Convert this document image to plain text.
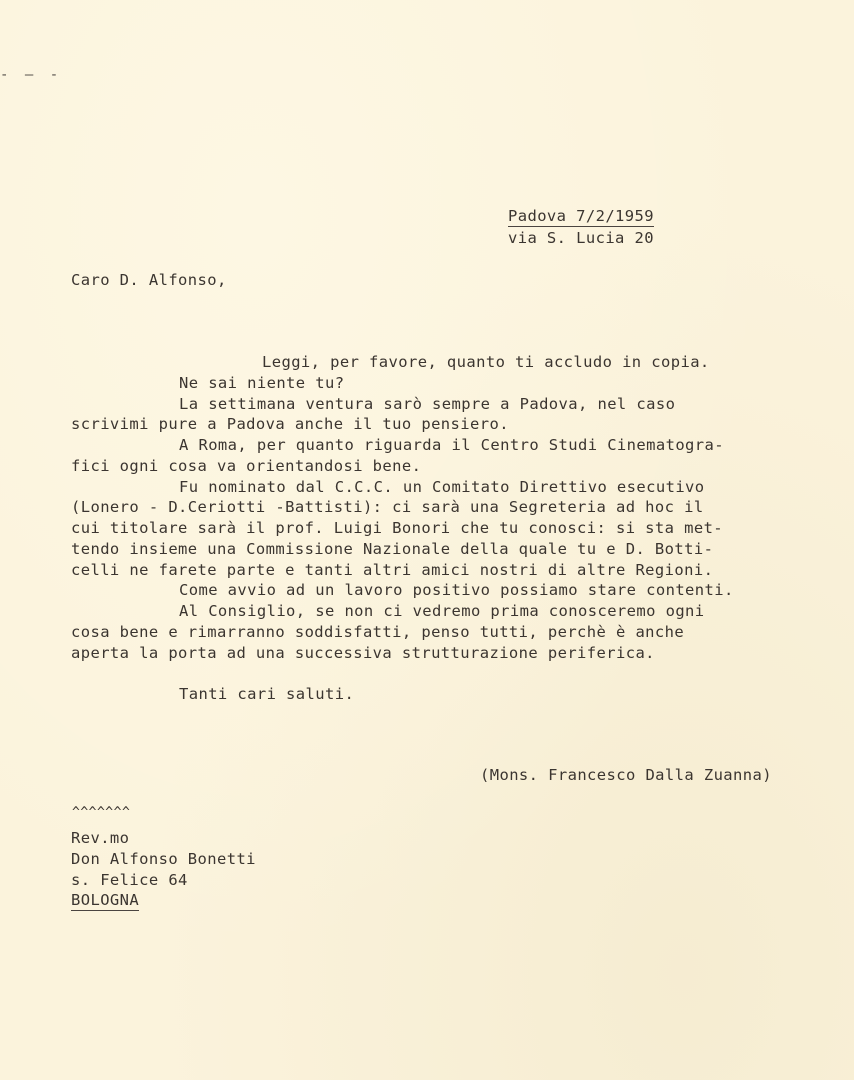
- – -
Padova 7/2/1959
via S. Lucia 20
Caro D. Alfonso,
Leggi, per favore, quanto ti accludo in copia.
Ne sai niente tu?
La settimana ventura sarò sempre a Padova, nel caso
scrivimi pure a Padova anche il tuo pensiero.
A Roma, per quanto riguarda il Centro Studi Cinematogra-
fici ogni cosa va orientandosi bene.
Fu nominato dal C.C.C. un Comitato Direttivo esecutivo
(Lonero - D.Ceriotti -Battisti): ci sarà una Segreteria ad hoc il
cui titolare sarà il prof. Luigi Bonori che tu conosci: si sta met-
tendo insieme una Commissione Nazionale della quale tu e D. Botti-
celli ne farete parte e tanti altri amici nostri di altre Regioni.
Come avvio ad un lavoro positivo possiamo stare contenti.
Al Consiglio, se non ci vedremo prima conosceremo ogni
cosa bene e rimarranno soddisfatti, penso tutti, perchè è anche
aperta la porta ad una successiva strutturazione periferica.
Tanti cari saluti.
(Mons. Francesco Dalla Zuanna)
^^^^^^^
Rev.mo
Don Alfonso Bonetti
s. Felice 64
BOLOGNA
